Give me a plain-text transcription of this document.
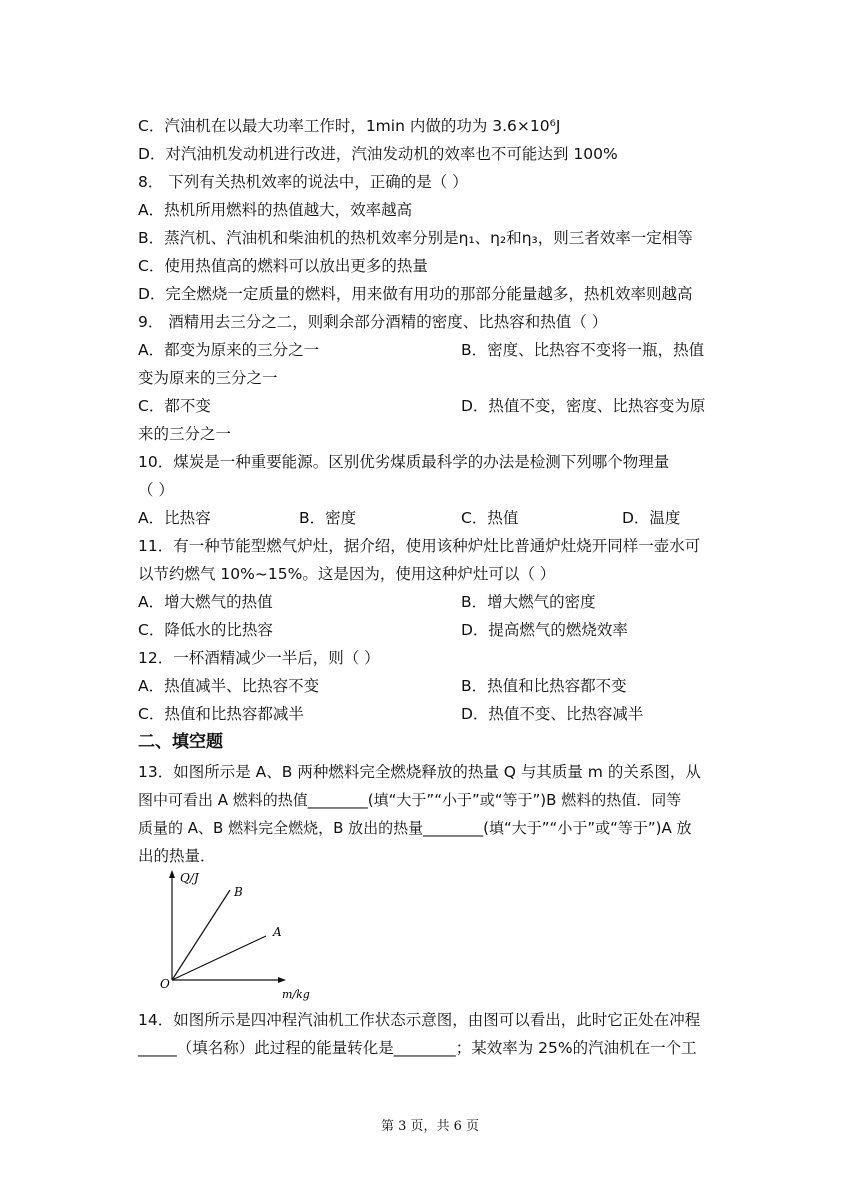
C．汽油机在以最大功率工作时，1min 内做的功为 3.6×10⁶J
D．对汽油机发动机进行改进，汽油发动机的效率也不可能达到 100%
8． 下列有关热机效率的说法中，正确的是（ ）
A．热机所用燃料的热值越大，效率越高
B．蒸汽机、汽油机和柴油机的热机效率分别是η₁、η₂和η₃，则三者效率一定相等
C．使用热值高的燃料可以放出更多的热量
D．完全燃烧一定质量的燃料，用来做有用功的那部分能量越多，热机效率则越高
9． 酒精用去三分之二，则剩余部分酒精的密度、比热容和热值（ ）
A．都变为原来的三分之一	B．密度、比热容不变将一瓶，热值
变为原来的三分之一
C．都不变	D．热值不变，密度、比热容变为原
来的三分之一
10．煤炭是一种重要能源。区别优劣煤质最科学的办法是检测下列哪个物理量
（ ）
A．比热容	B．密度	C．热值	D．温度
11．有一种节能型燃气炉灶，据介绍，使用该种炉灶比普通炉灶烧开同样一壶水可
以节约燃气 10%~15%。这是因为，使用这种炉灶可以（ ）
A．增大燃气的热值	B．增大燃气的密度
C．降低水的比热容	D．提高燃气的燃烧效率
12．一杯酒精减少一半后，则（ ）
A．热值减半、比热容不变	B．热值和比热容都不变
C．热值和比热容都减半	D．热值不变、比热容减半
二、填空题
13．如图所示是 A、B 两种燃料完全燃烧释放的热量 Q 与其质量 m 的关系图，从
图中可看出 A 燃料的热值________(填“大于”“小于”或“等于”)B 燃料的热值．同等
质量的 A、B 燃料完全燃烧，B 放出的热量________(填“大于”“小于”或“等于”)A 放
出的热量．
Q/J
B
A
O
m/kg
14．如图所示是四冲程汽油机工作状态示意图，由图可以看出，此时它正处在冲程
_____（填名称）此过程的能量转化是________；某效率为 25%的汽油机在一个工
第 3 页，共 6 页
